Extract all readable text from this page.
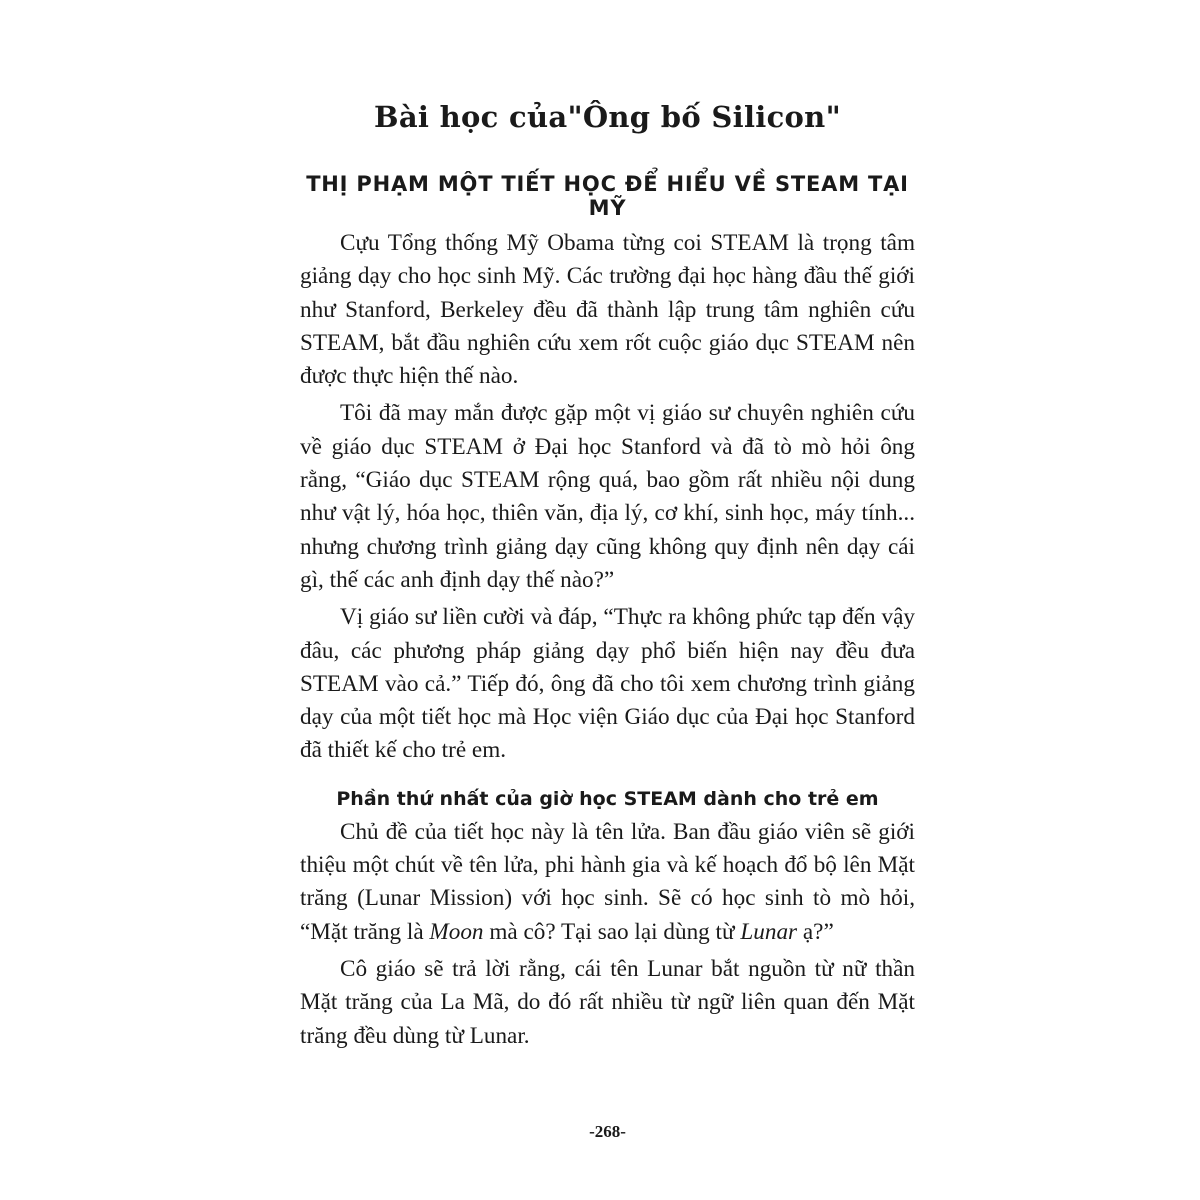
Bài học của"Ông bố Silicon"
THỊ PHẠM MỘT TIẾT HỌC ĐỂ HIỂU VỀ STEAM TẠI MỸ

Cựu Tổng thống Mỹ Obama từng coi STEAM là trọng tâm giảng dạy cho học sinh Mỹ. Các trường đại học hàng đầu thế giới như Stanford, Berkeley đều đã thành lập trung tâm nghiên cứu STEAM, bắt đầu nghiên cứu xem rốt cuộc giáo dục STEAM nên được thực hiện thế nào.

Tôi đã may mắn được gặp một vị giáo sư chuyên nghiên cứu về giáo dục STEAM ở Đại học Stanford và đã tò mò hỏi ông rằng, “Giáo dục STEAM rộng quá, bao gồm rất nhiều nội dung như vật lý, hóa học, thiên văn, địa lý, cơ khí, sinh học, máy tính... nhưng chương trình giảng dạy cũng không quy định nên dạy cái gì, thế các anh định dạy thế nào?”

Vị giáo sư liền cười và đáp, “Thực ra không phức tạp đến vậy đâu, các phương pháp giảng dạy phổ biến hiện nay đều đưa STEAM vào cả.” Tiếp đó, ông đã cho tôi xem chương trình giảng dạy của một tiết học mà Học viện Giáo dục của Đại học Stanford đã thiết kế cho trẻ em.

Phần thứ nhất của giờ học STEAM dành cho trẻ em

Chủ đề của tiết học này là tên lửa. Ban đầu giáo viên sẽ giới thiệu một chút về tên lửa, phi hành gia và kế hoạch đổ bộ lên Mặt trăng (Lunar Mission) với học sinh. Sẽ có học sinh tò mò hỏi, “Mặt trăng là Moon mà cô? Tại sao lại dùng từ Lunar ạ?”

Cô giáo sẽ trả lời rằng, cái tên Lunar bắt nguồn từ nữ thần Mặt trăng của La Mã, do đó rất nhiều từ ngữ liên quan đến Mặt trăng đều dùng từ Lunar.

-268-
